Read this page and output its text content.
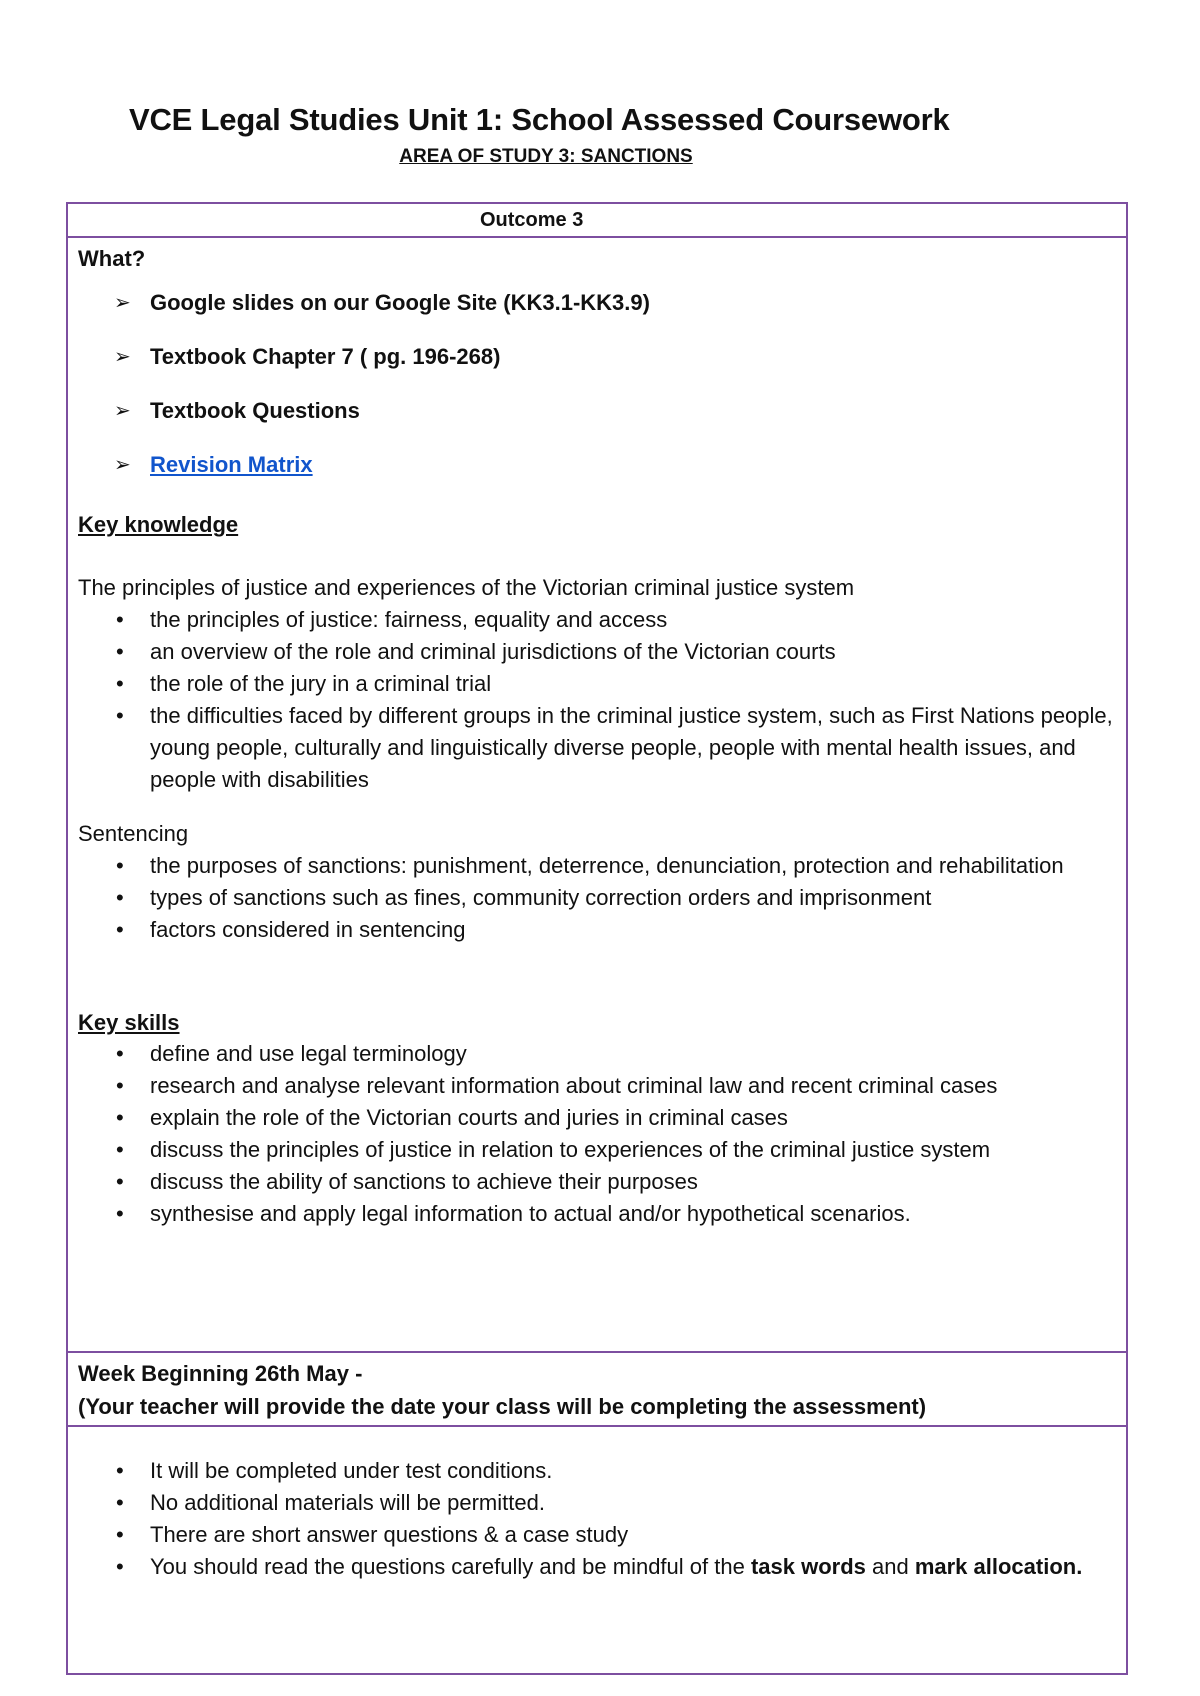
VCE Legal Studies Unit 1: School Assessed Coursework
AREA OF STUDY 3: SANCTIONS
Outcome 3
What?
➢ Google slides on our Google Site (KK3.1-KK3.9)
➢ Textbook Chapter 7 ( pg. 196-268)
➢ Textbook Questions
➢ Revision Matrix
Key knowledge

The principles of justice and experiences of the Victorian criminal justice system

• the principles of justice: fairness, equality and access
• an overview of the role and criminal jurisdictions of the Victorian courts
• the role of the jury in a criminal trial
• the difficulties faced by different groups in the criminal justice system, such as First Nations people, young people, culturally and linguistically diverse people, people with mental health issues, and people with disabilities

Sentencing

• the purposes of sanctions: punishment, deterrence, denunciation, protection and rehabilitation
• types of sanctions such as fines, community correction orders and imprisonment
• factors considered in sentencing
Key skills
• define and use legal terminology
• research and analyse relevant information about criminal law and recent criminal cases
• explain the role of the Victorian courts and juries in criminal cases
• discuss the principles of justice in relation to experiences of the criminal justice system
• discuss the ability of sanctions to achieve their purposes
• synthesise and apply legal information to actual and/or hypothetical scenarios.
Week Beginning 26th May -
(Your teacher will provide the date your class will be completing the assessment)
• It will be completed under test conditions.
• No additional materials will be permitted.
• There are short answer questions & a case study
• You should read the questions carefully and be mindful of the task words and mark allocation.
